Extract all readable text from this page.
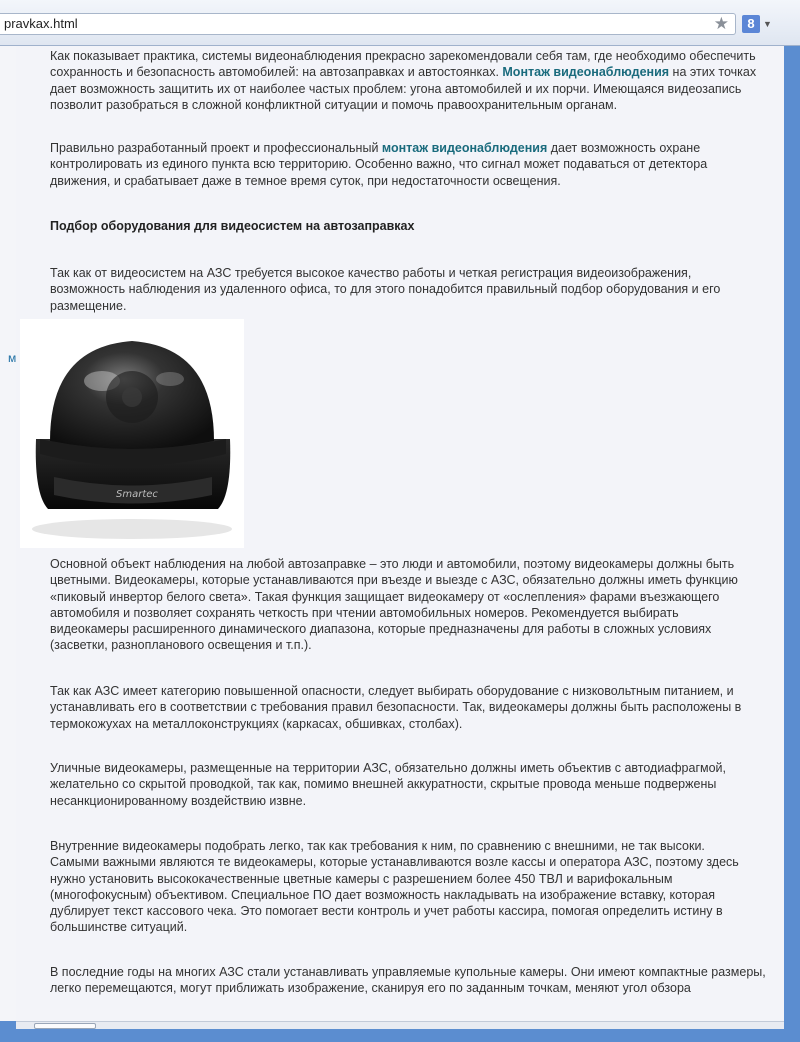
pravkax.html	★	8 ▼
м

Как показывает практика, системы видеонаблюдения прекрасно зарекомендовали себя там, где необходимо обеспечить сохранность и безопасность автомобилей: на автозаправках и автостоянках. Монтаж видеонаблюдения на этих точках дает возможность защитить их от наиболее частых проблем: угона автомобилей и их порчи. Имеющаяся видеозапись позволит разобраться в сложной конфликтной ситуации и помочь правоохранительным органам.

Правильно разработанный проект и профессиональный монтаж видеонаблюдения дает возможность охране контролировать из единого пункта всю территорию. Особенно важно, что сигнал может подаваться от детектора движения, и срабатывает даже в темное время суток, при недостаточности освещения.

Подбор оборудования для видеосистем на автозаправках

Так как от видеосистем на АЗС требуется высокое качество работы и четкая регистрация видеоизображения, возможность наблюдения из удаленного офиса, то для этого понадобится правильный подбор оборудования и его размещение.

Smartec

Основной объект наблюдения на любой автозаправке – это люди и автомобили, поэтому видеокамеры должны быть цветными. Видеокамеры, которые устанавливаются при въезде и выезде с АЗС, обязательно должны иметь функцию «пиковый инвертор белого света». Такая функция защищает видеокамеру от «ослепления» фарами въезжающего автомобиля и позволяет сохранять четкость при чтении автомобильных номеров. Рекомендуется выбирать видеокамеры расширенного динамического диапазона, которые предназначены для работы в сложных условиях (засветки, разнопланового освещения и т.п.).

Так как АЗС имеет категорию повышенной опасности, следует выбирать оборудование с низковольтным питанием, и устанавливать его в соответствии с требования правил безопасности. Так, видеокамеры должны быть расположены в термокожухах на металлоконструкциях (каркасах, обшивках, столбах).

Уличные видеокамеры, размещенные на территории АЗС, обязательно должны иметь объектив с автодиафрагмой, желательно со скрытой проводкой, так как, помимо внешней аккуратности, скрытые провода меньше подвержены несанкционированному воздействию извне.

Внутренние видеокамеры подобрать легко, так как требования к ним, по сравнению с внешними, не так высоки. Самыми важными являются те видеокамеры, которые устанавливаются возле кассы и оператора АЗС, поэтому здесь нужно установить высококачественные цветные камеры с разрешением более 450 ТВЛ и варифокальным (многофокусным) объективом. Специальное ПО дает возможность накладывать на изображение вставку, которая дублирует текст кассового чека. Это помогает вести контроль и учет работы кассира, помогая определить истину в большинстве ситуаций.

В последние годы на многих АЗС стали устанавливать управляемые купольные камеры. Они имеют компактные размеры, легко перемещаются, могут приближать изображение, сканируя его по заданным точкам, меняют угол обзора
